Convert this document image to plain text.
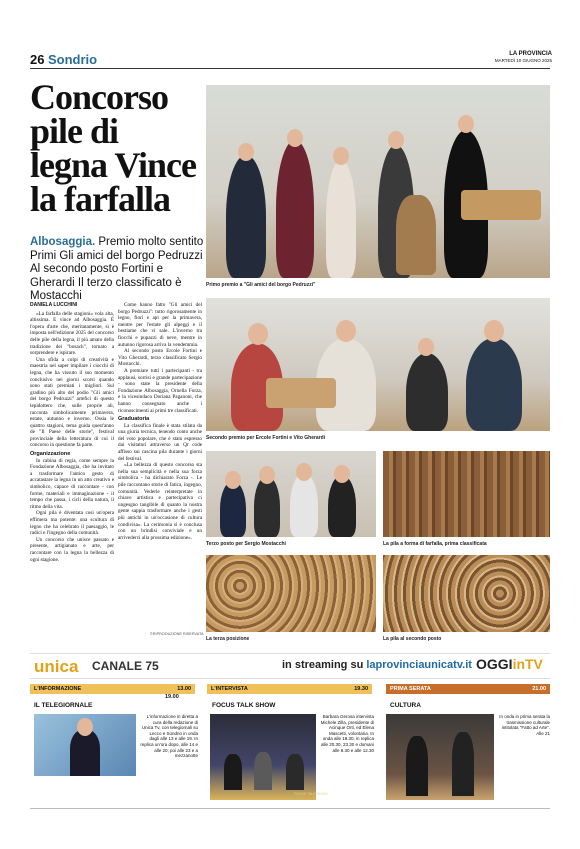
26 Sondrio	LA PROVINCIA
MARTEDÌ 10 GIUGNO 2025
Concorso pile di legna Vince la farfalla
Albosaggia. Premio molto sentito Primi Gli amici del borgo Pedruzzi Al secondo posto Fortini e Gherardi Il terzo classificato è Mostacchi
DANIELA LUCCHINI

«La farfalla delle stagioni» vola alta, altissima. E vince ad Albosaggia. È l'opera d'arte che, meritatamente, si è imposta nell'edizione 2025 del concorso delle pile della legna, il più amato della tradizione dei "bosach", tornato a sorprendere e ispirare.

Una sfida a colpi di creatività e maestria nel saper impilare i ciocchi di legna, che ha vissuto il suo momento conclusivo nei giorni scorsi quando sono stati premiati i migliori. Sul gradino più alto del podio "Gli amici del borgo Pedruzzi" artefici di questo lepidottero che, sulle proprie ali, racconta simbolicamente primavera, estate, autunno e inverno. Ossia le quattro stagioni, tema guida quest'anno de "Il Paese delle storie", festival provinciale della letteratura di cui il concorso in questione fa parte.

Organizzazione

In cabina di regia, come sempre la Fondazione Albosaggia, che ha invitato a trasformare l'antico gesto di accatastare la legna in un atto creativo e simbolico, capace di raccontare - con forme, materiali e immaginazione - il tempo che passa, i cicli della natura, il ritmo della vita.

Ogni pila è diventata così un'opera effimera ma potente: una scultura di legno che ha celebrato il paesaggio, le radici e l'ingegno della comunità.

Un concorso che unisce passato e presente, artigianato e arte, per raccontare con la legna la bellezza di ogni stagione.

Come hanno fatto "Gli amici del borgo Pedruzzi": tutto rigorosamente in legno, fiori e api per la primavera, mentre per l'estate gli alpeggi e il bestiame che vi sale. L'inverno tra fiocchi e pupazzi di neve, mentre in autunno rigorosa arriva la vendemmia.

Al secondo posto Ercole Fortini e Vito Gherardi, terzo classificato Sergio Mostacchi.

A premiare tutti i partecipanti - tra applausi, sorrisi e grande partecipazione - sono state la presidente della Fondazione Albosaggia, Ornella Forza, e la vicesindaco Doriana Paganoni, che hanno consegnato anche i riconoscimenti ai primi tre classificati.

Graduatoria

La classifica finale è stata stilata da una giuria tecnica, tenendo conto anche del voto popolare, che è stato espresso dai visitatori attraverso un Qr code affisso sui cascina pila durante i giorni del festival.

«La bellezza di questo concorso sta nella sua semplicità e nella sua forza simbolica - ha dichiarato Forza -. Le pile raccontano storie di fatica, ingegno, comunità. Vederle reinterpretate in chiave artistica e partecipativa ci ungesgno tangibile di quanto la nostra gente sappia trasformare anche i gesti più antichi in un'occasione di cultura condivisa». La cerimonia si è conclusa con un brindisi conviviale e un arrivederci alla prossima edizione».

©RIPRODUZIONE RISERVATA
Primo premio a "Gli amici del borgo Pedruzzi"
Secondo premio per Ercole Fortini e Vito Gherardi
Terzo posto per Sergio Mostacchi	La pila a forma di farfalla, prima classificata
La terza posizione	La pila al secondo posto
unica CANALE 75	in streaming su laprovinciaunicatv.it OGGIinTV
L'INFORMAZIONE	13.00
19.00
IL TELEGIORNALE
L'informazione in diretta a cura della redazione di Unica Tv, con telegiornali su Lecco e Sondrio in onda dagli alle 13 e alle 19. In replica un'ora dopo, alle 14 e alle 20, poi alle 23 e a mezzanotte
L'INTERVISTA	19.30
FOCUS TALK SHOW
FOCUS TALK SHOW
Barbara Gerosa intervista Michele Zilla, presidente di Acinque Orti, ed Elena Mascetti, volontaria. In onda alle 19.30, in replica alle 20.30, 23.30 e domani alle 8.30 e alle 12.30
PRIMA SERATA	21.00
CULTURA
In onda in prima serata la trasmissione culturale intitolata "Fatto ad Arte". Alle 21
